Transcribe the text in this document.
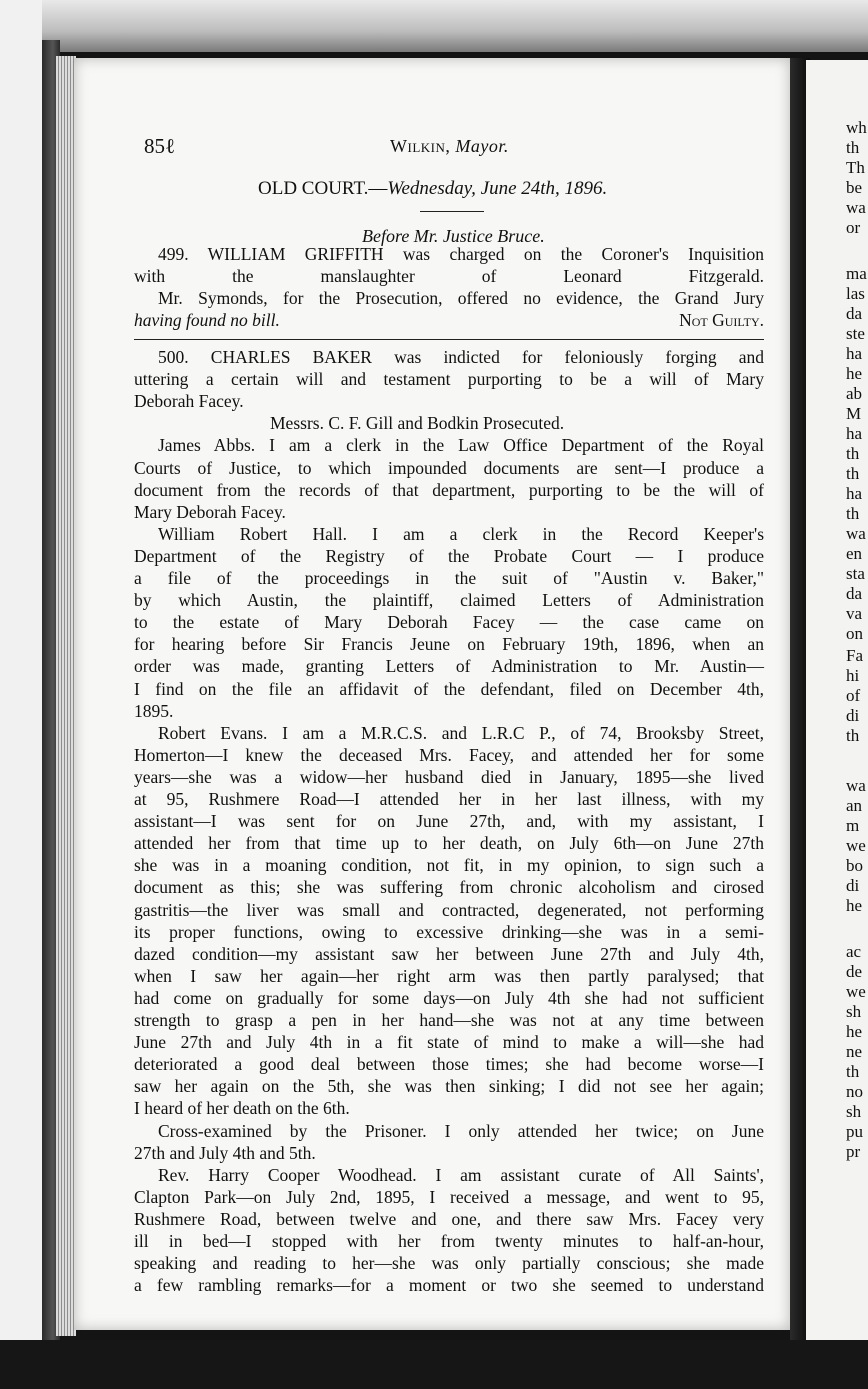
wh
th
Th
be
wa
or
ma
las
da
ste
ha
he
ab
M
ha
th
th
ha
th
wa
en
sta
da
va
on
Fa
hi
of
di
th
wa
an
m
we
bo
di
he
ac
de
we
sh
he
ne
th
no
sh
pu
pr
85ℓ	Wilkin, Mayor.
OLD COURT.—Wednesday, June 24th, 1896.
Before Mr. Justice Bruce.
499. WILLIAM GRIFFITH was charged on the Coroner's Inquisition
with the manslaughter of Leonard Fitzgerald.
Mr. Symonds, for the Prosecution, offered no evidence, the Grand Jury
having found no bill.	Not Guilty.
500. CHARLES BAKER was indicted for feloniously forging and
uttering a certain will and testament purporting to be a will of Mary
Deborah Facey.
Messrs. C. F. Gill and Bodkin Prosecuted.
James Abbs. I am a clerk in the Law Office Department of the Royal
Courts of Justice, to which impounded documents are sent—I produce a
document from the records of that department, purporting to be the will of
Mary Deborah Facey.
William Robert Hall. I am a clerk in the Record Keeper's
Department of the Registry of the Probate Court — I produce
a file of the proceedings in the suit of "Austin v. Baker,"
by which Austin, the plaintiff, claimed Letters of Administration
to the estate of Mary Deborah Facey — the case came on
for hearing before Sir Francis Jeune on February 19th, 1896, when an
order was made, granting Letters of Administration to Mr. Austin—
I find on the file an affidavit of the defendant, filed on December 4th,
1895.
Robert Evans. I am a M.R.C.S. and L.R.C P., of 74, Brooksby Street,
Homerton—I knew the deceased Mrs. Facey, and attended her for some
years—she was a widow—her husband died in January, 1895—she lived
at 95, Rushmere Road—I attended her in her last illness, with my
assistant—I was sent for on June 27th, and, with my assistant, I
attended her from that time up to her death, on July 6th—on June 27th
she was in a moaning condition, not fit, in my opinion, to sign such a
document as this; she was suffering from chronic alcoholism and cirosed
gastritis—the liver was small and contracted, degenerated, not performing
its proper functions, owing to excessive drinking—she was in a semi-
dazed condition—my assistant saw her between June 27th and July 4th,
when I saw her again—her right arm was then partly paralysed; that
had come on gradually for some days—on July 4th she had not sufficient
strength to grasp a pen in her hand—she was not at any time between
June 27th and July 4th in a fit state of mind to make a will—she had
deteriorated a good deal between those times; she had become worse—I
saw her again on the 5th, she was then sinking; I did not see her again;
I heard of her death on the 6th.
Cross-examined by the Prisoner. I only attended her twice; on June
27th and July 4th and 5th.
Rev. Harry Cooper Woodhead. I am assistant curate of All Saints',
Clapton Park—on July 2nd, 1895, I received a message, and went to 95,
Rushmere Road, between twelve and one, and there saw Mrs. Facey very
ill in bed—I stopped with her from twenty minutes to half-an-hour,
speaking and reading to her—she was only partially conscious; she made
a few rambling remarks—for a moment or two she seemed to understand
